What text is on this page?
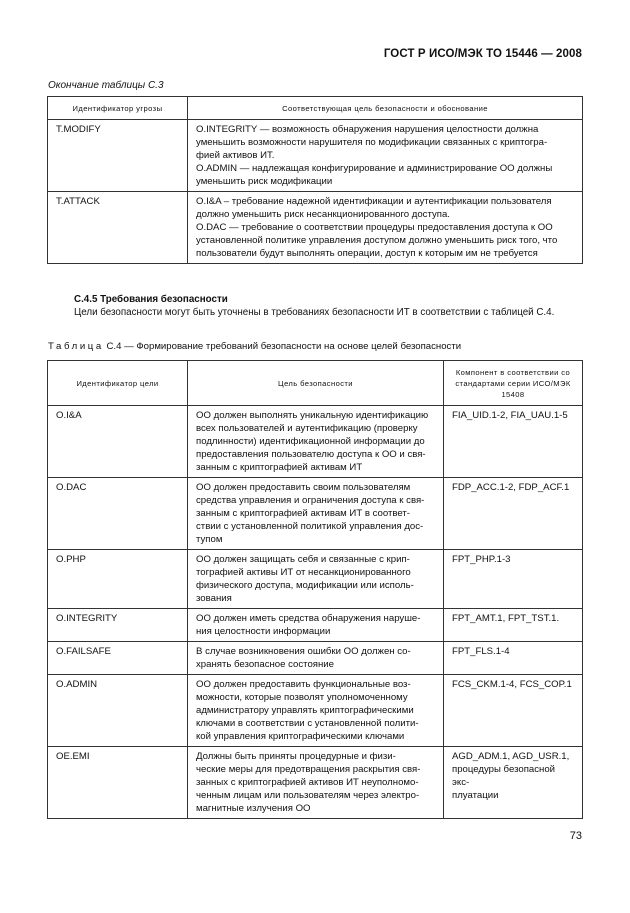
ГОСТ Р ИСО/МЭК ТО 15446 — 2008
Окончание таблицы С.3
Идентификатор угрозы	Соответствующая цель безопасности и обоснование
T.MODIFY	O.INTEGRITY — возможность обнаружения нарушения целостности должна
уменьшить возможности нарушителя по модификации связанных с криптогра-
фией активов ИТ.
O.ADMIN — надлежащая конфигурирование и администрирование ОО должны
уменьшить риск модификации

T.ATTACK	O.I&A – требование надежной идентификации и аутентификации пользователя
должно уменьшить риск несанкционированного доступа.
O.DAC — требование о соответствии процедуры предоставления доступа к ОО
установленной политике управления доступом должно уменьшить риск того, что
пользователи будут выполнять операции, доступ к которым им не требуется
С.4.5 Требования безопасности
Цели безопасности могут быть уточнены в требованиях безопасности ИТ в соответствии с таблицей С.4.
Таблица С.4 — Формирование требований безопасности на основе целей безопасности
Идентификатор цели	Цель безопасности	Компонент в соответствии со стандартами серии ИСО/МЭК 15408
O.I&A	ОО должен выполнять уникальную идентификацию
всех пользователей и аутентификацию (проверку
подлинности) идентификационной информации до
предоставления пользователю доступа к ОО и свя-
занным с криптографией активам ИТ	FIA_UID.1-2, FIA_UAU.1-5

O.DAC	ОО должен предоставить своим пользователям
средства управления и ограничения доступа к свя-
занным с криптографией активам ИТ в соответ-
ствии с установленной политикой управления дос-
тупом	FDP_ACC.1-2, FDP_ACF.1

O.PHP	ОО должен защищать себя и связанные с крип-
тографией активы ИТ от несанкционированного
физического доступа, модификации или исполь-
зования	FPT_PHP.1-3

O.INTEGRITY	ОО должен иметь средства обнаружения наруше-
ния целостности информации	FPT_AMT.1, FPT_TST.1.

O.FAILSAFE	В случае возникновения ошибки ОО должен со-
хранять безопасное состояние	FPT_FLS.1-4

O.ADMIN	ОО должен предоставить функциональные воз-
можности, которые позволят уполномоченному
администратору управлять криптографическими
ключами в соответствии с установленной полити-
кой управления криптографическими ключами	FCS_CKM.1-4, FCS_COP.1

OE.EMI	Должны быть приняты процедурные и физи-
ческие меры для предотвращения раскрытия свя-
занных с криптографией активов ИТ неуполномо-
ченным лицам или пользователям через электро-
магнитные излучения ОО	AGD_ADM.1, AGD_USR.1,
процедуры безопасной экс-
плуатации
73
